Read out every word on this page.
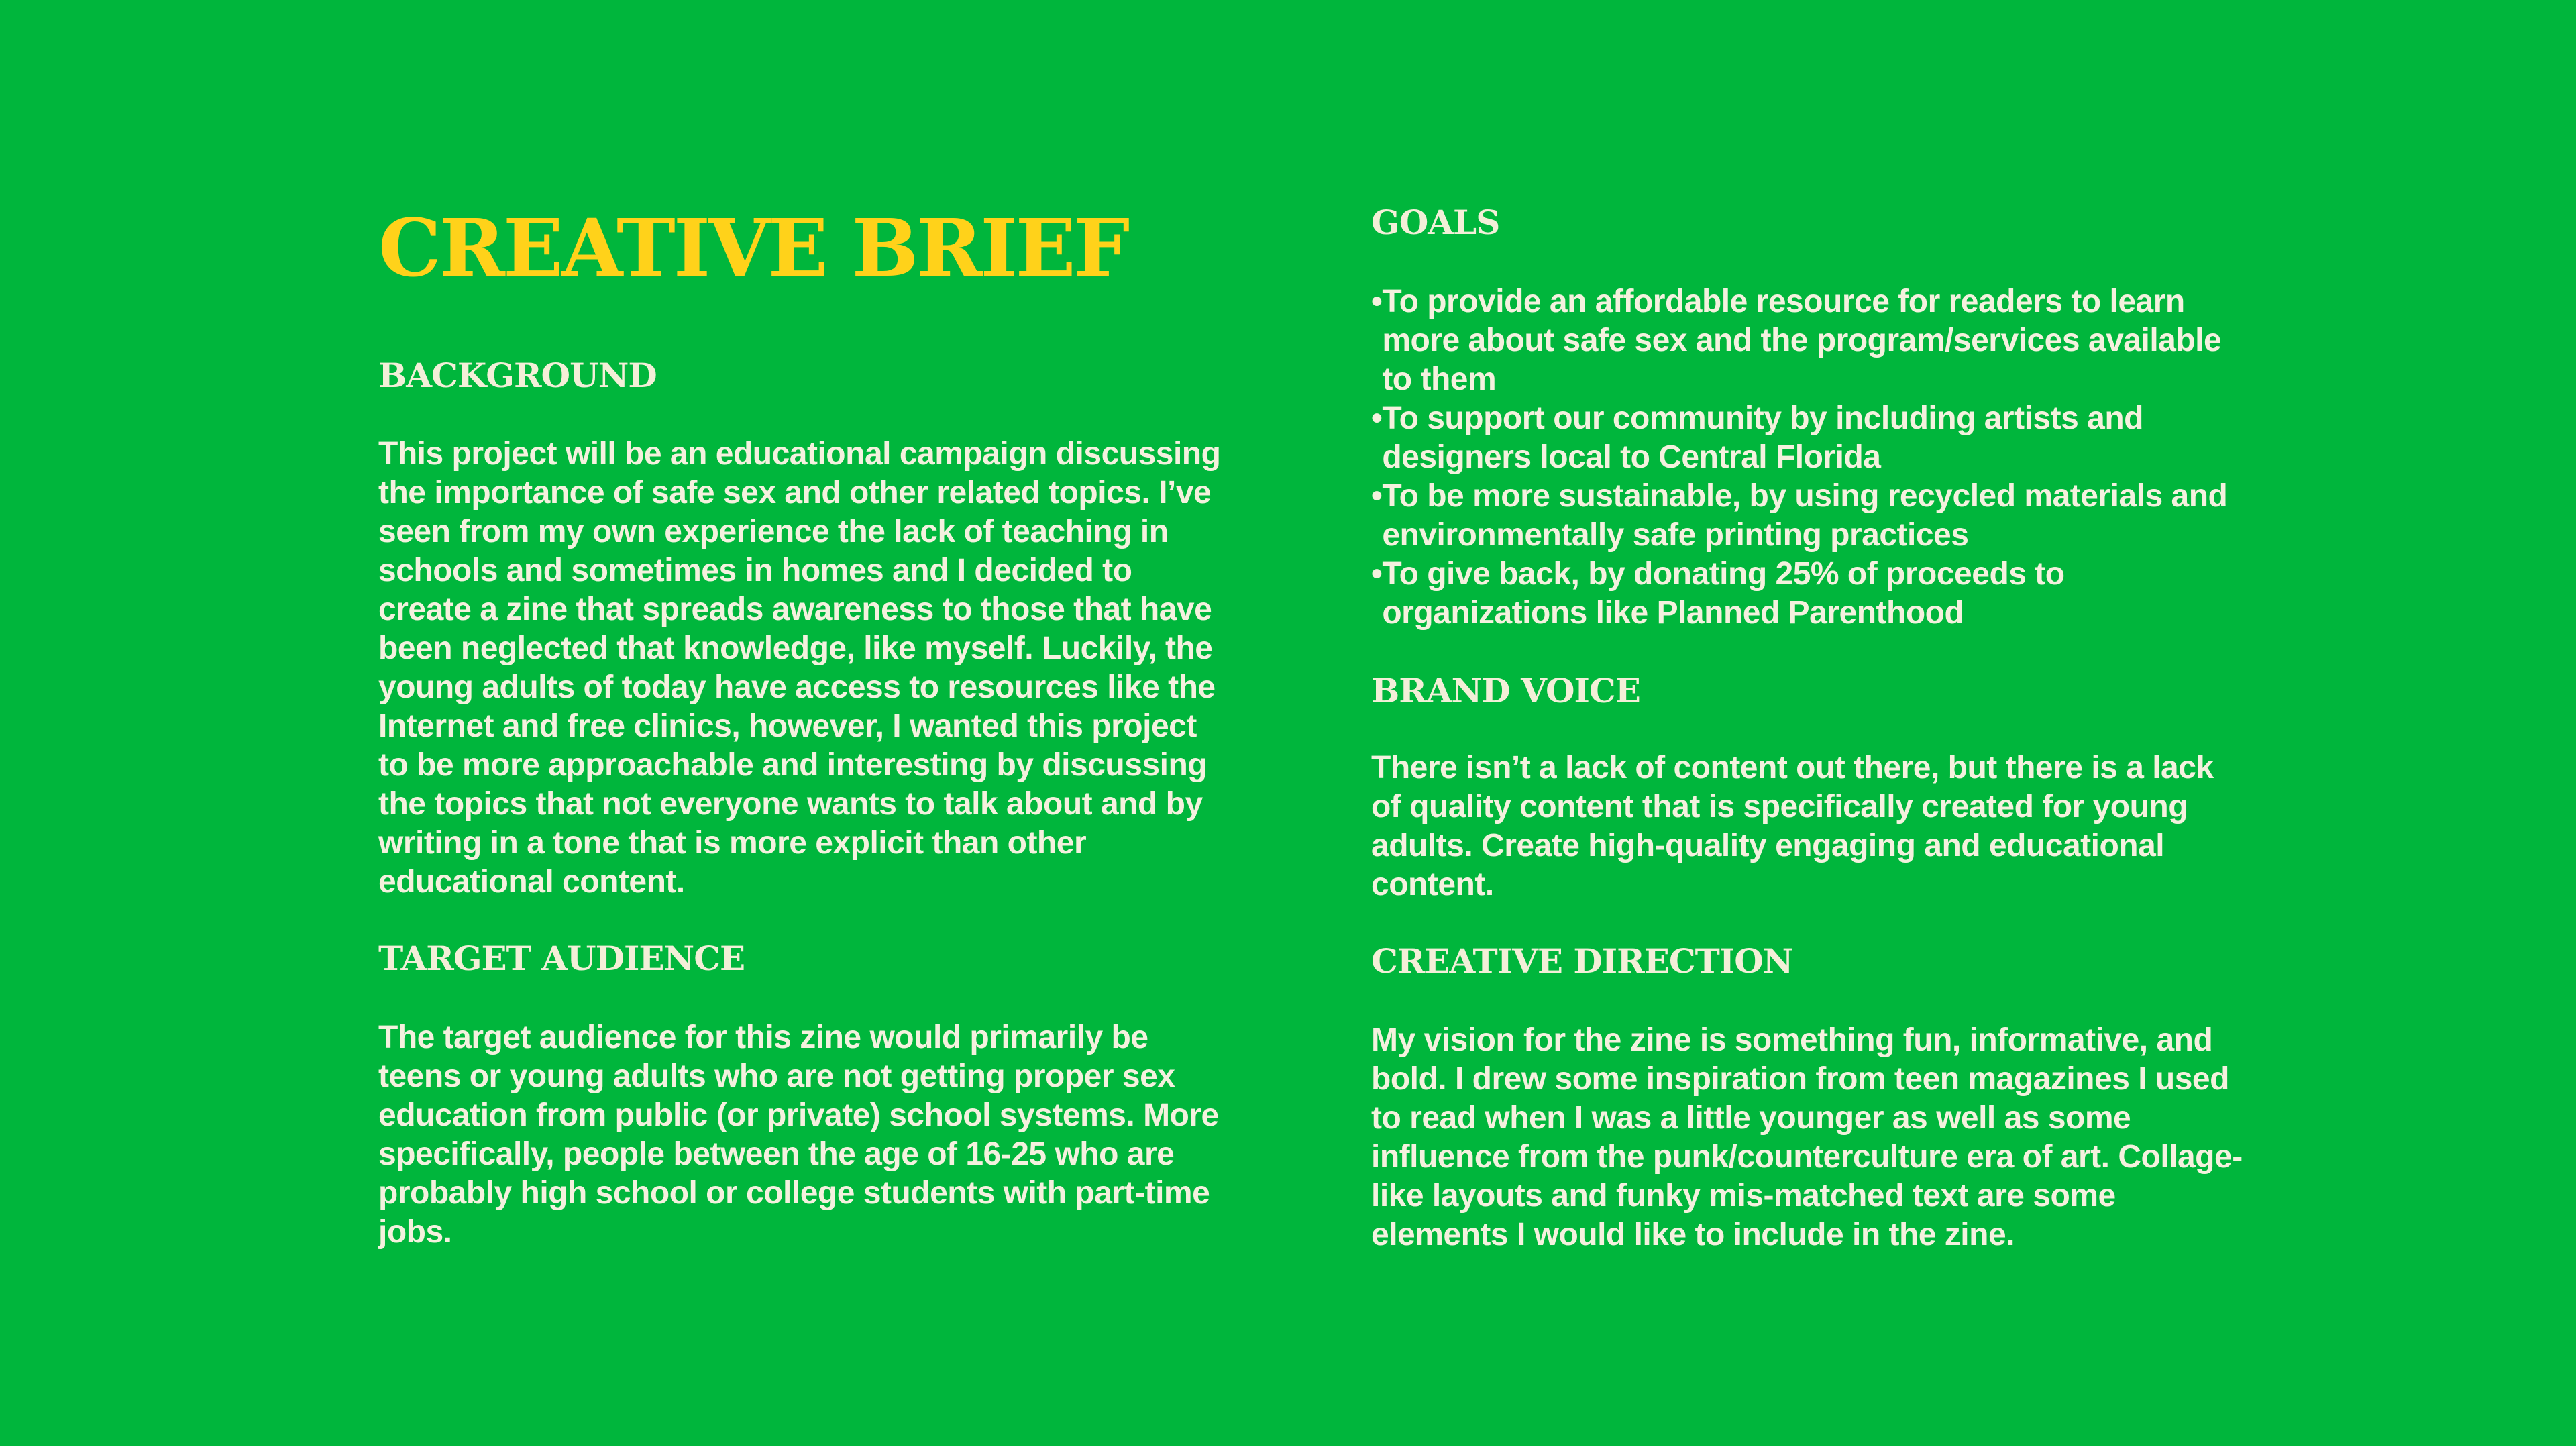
CREATIVE BRIEF
BACKGROUND

This project will be an educational campaign discussing the importance of safe sex and other related topics. I’ve seen from my own experience the lack of teaching in schools and sometimes in homes and I decided to create a zine that spreads awareness to those that have been neglected that knowledge, like myself. Luckily, the young adults of today have access to resources like the Internet and free clinics, however, I wanted this project to be more approachable and interesting by discussing the topics that not everyone wants to talk about and by writing in a tone that is more explicit than other educational content.

TARGET AUDIENCE

The target audience for this zine would primarily be teens or young adults who are not getting proper sex education from public (or private) school systems. More specifically, people between the age of 16-25 who are probably high school or college students with part-time jobs.

GOALS
• To provide an affordable resource for readers to learn more about safe sex and the program/services available to them
• To support our community by including artists and designers local to Central Florida
• To be more sustainable, by using recycled materials and environmentally safe printing practices
• To give back, by donating 25% of proceeds to organizations like Planned Parenthood
BRAND VOICE

There isn’t a lack of content out there, but there is a lack of quality content that is specifically created for young adults. Create high-quality engaging and educational content.

CREATIVE DIRECTION

My vision for the zine is something fun, informative, and bold. I drew some inspiration from teen magazines I used to read when I was a little younger as well as some influence from the punk/counterculture era of art. Collage-like layouts and funky mis-matched text are some elements I would like to include in the zine.
